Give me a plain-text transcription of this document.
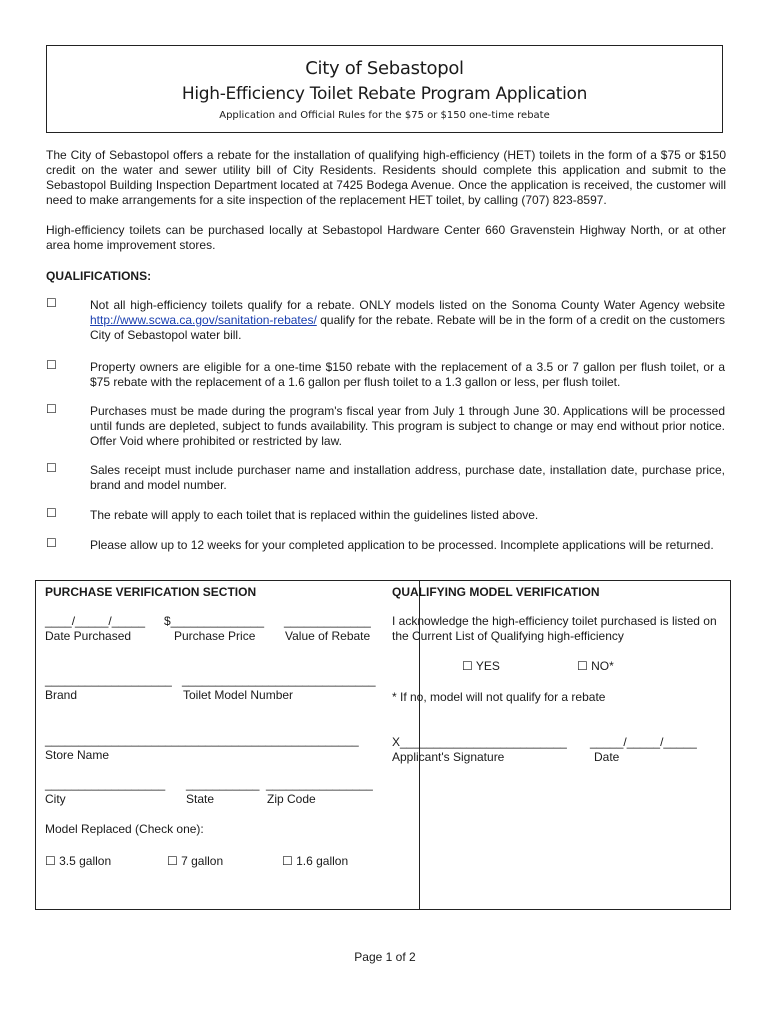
City of Sebastopol
High-Efficiency Toilet Rebate Program Application
Application and Official Rules for the $75 or $150 one-time rebate
The City of Sebastopol offers a rebate for the installation of qualifying high-efficiency (HET) toilets in the form of a $75 or $150 credit on the water and sewer utility bill of City Residents. Residents should complete this application and submit to the Sebastopol Building Inspection Department located at 7425 Bodega Avenue. Once the application is received, the customer will need to make arrangements for a site inspection of the replacement HET toilet, by calling (707) 823-8597.
High-efficiency toilets can be purchased locally at Sebastopol Hardware Center 660 Gravenstein Highway North, or at other area home improvement stores.
QUALIFICATIONS:
☐	Not all high-efficiency toilets qualify for a rebate. ONLY models listed on the Sonoma County Water Agency website http://www.scwa.ca.gov/sanitation-rebates/ qualify for the rebate. Rebate will be in the form of a credit on the customers City of Sebastopol water bill.
☐	Property owners are eligible for a one-time $150 rebate with the replacement of a 3.5 or 7 gallon per flush toilet, or a $75 rebate with the replacement of a 1.6 gallon per flush toilet to a 1.3 gallon or less, per flush toilet.
☐	Purchases must be made during the program's fiscal year from July 1 through June 30. Applications will be processed until funds are depleted, subject to funds availability. This program is subject to change or may end without prior notice. Offer Void where prohibited or restricted by law.
☐	Sales receipt must include purchaser name and installation address, purchase date, installation date, purchase price, brand and model number.
☐	The rebate will apply to each toilet that is replaced within the guidelines listed above.
☐	Please allow up to 12 weeks for your completed application to be processed. Incomplete applications will be returned.
PURCHASE VERIFICATION SECTION
____/_____/_____ $______________ _____________
Date Purchased	Purchase Price Value of Rebate
___________________ _____________________________
Brand	Toilet Model Number
_______________________________________________
Store Name
__________________ ___________ ________________
City	State	Zip Code
Model Replaced (Check one):
☐ 3.5 gallon	☐ 7 gallon	☐ 1.6 gallon
QUALIFYING MODEL VERIFICATION
I acknowledge the high-efficiency toilet purchased is listed on the Current List of Qualifying high-efficiency
☐ YES	☐ NO*
* If no, model will not qualify for a rebate
X_________________________ _____/_____/_____
Applicant's Signature	Date
Page 1 of 2
